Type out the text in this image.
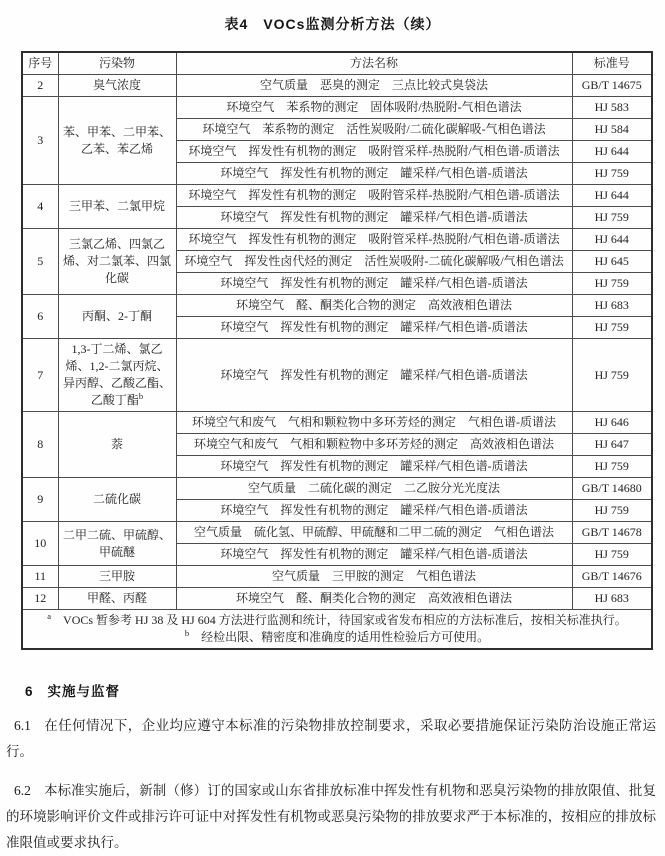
表4　VOCs监测分析方法（续）
序号	污染物	方法名称	标准号
2	臭气浓度	空气质量　恶臭的测定　三点比较式臭袋法	GB/T 14675
3	苯、甲苯、二甲苯、乙苯、苯乙烯	环境空气　苯系物的测定　固体吸附/热脱附-气相色谱法	HJ 583
		环境空气　苯系物的测定　活性炭吸附/二硫化碳解吸-气相色谱法	HJ 584
		环境空气　挥发性有机物的测定　吸附管采样-热脱附/气相色谱-质谱法	HJ 644
		环境空气　挥发性有机物的测定　罐采样/气相色谱-质谱法	HJ 759
4	三甲苯、二氯甲烷	环境空气　挥发性有机物的测定　吸附管采样-热脱附/气相色谱-质谱法	HJ 644
		环境空气　挥发性有机物的测定　罐采样/气相色谱-质谱法	HJ 759
5	三氯乙烯、四氯乙烯、对二氯苯、四氯化碳	环境空气　挥发性有机物的测定　吸附管采样-热脱附/气相色谱-质谱法	HJ 644
		环境空气　挥发性卤代烃的测定　活性炭吸附-二硫化碳解吸/气相色谱法	HJ 645
		环境空气　挥发性有机物的测定　罐采样/气相色谱-质谱法	HJ 759
6	丙酮、2-丁酮	环境空气　醛、酮类化合物的测定　高效液相色谱法	HJ 683
		环境空气　挥发性有机物的测定　罐采样/气相色谱-质谱法	HJ 759
7	1,3-丁二烯、氯乙烯、1,2-二氯丙烷、异丙醇、乙酸乙酯、乙酸丁酯$^b$	环境空气　挥发性有机物的测定　罐采样/气相色谱-质谱法	HJ 759
8	萘	环境空气和废气　气相和颗粒物中多环芳烃的测定　气相色谱-质谱法	HJ 646
		环境空气和废气　气相和颗粒物中多环芳烃的测定　高效液相色谱法	HJ 647
		环境空气　挥发性有机物的测定　罐采样/气相色谱-质谱法	HJ 759
9	二硫化碳	空气质量　二硫化碳的测定　二乙胺分光光度法	GB/T 14680
		环境空气　挥发性有机物的测定　罐采样/气相色谱-质谱法	HJ 759
10	二甲二硫、甲硫醇、甲硫醚	空气质量　硫化氢、甲硫醇、甲硫醚和二甲二硫的测定　气相色谱法	GB/T 14678
		环境空气　挥发性有机物的测定　罐采样/气相色谱-质谱法	HJ 759
11	三甲胺	空气质量　三甲胺的测定　气相色谱法	GB/T 14676
12	甲醛、丙醛	环境空气　醛、酮类化合物的测定　高效液相色谱法	HJ 683

$^a$　 VOCs 暂参考 HJ 38 及 HJ 604 方法进行监测和统计，待国家或省发布相应的方法标准后，按相关标准执行。
$^b$　 经检出限、精密度和准确度的适用性检验后方可使用。			
6 实施与监督

6.1 在任何情况下，企业均应遵守本标准的污染物排放控制要求，采取必要措施保证污染防治设施正常运行。

6.2 本标准实施后，新制（修）订的国家或山东省排放标准中挥发性有机物和恶臭污染物的排放限值、批复的环境影响评价文件或排污许可证中对挥发性有机物或恶臭污染物的排放要求严于本标准的，按相应的排放标准限值或要求执行。
